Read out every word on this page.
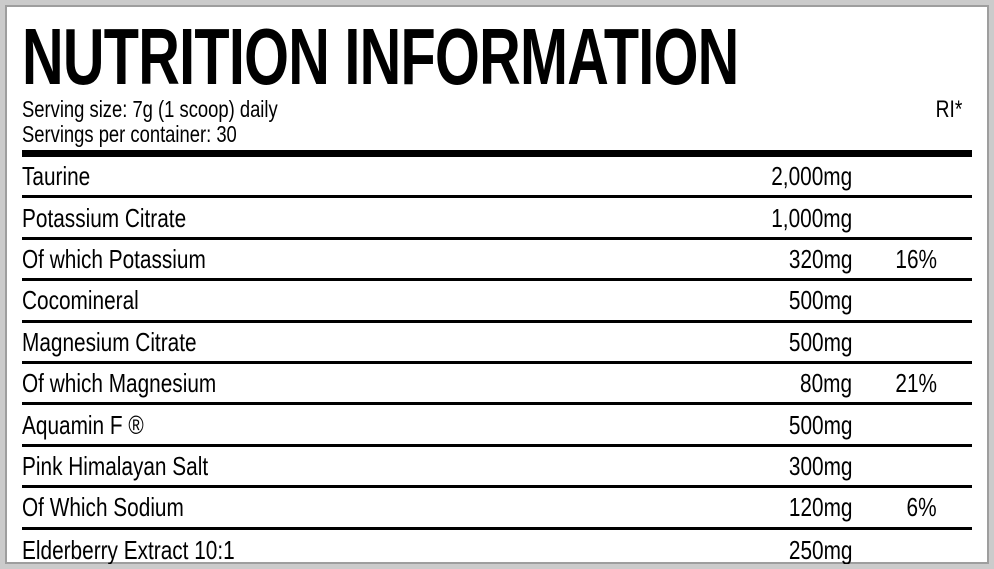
NUTRITION INFORMATION
Serving size: 7g (1 scoop) daily
Servings per container: 30
RI*
Taurine	2,000mg
Potassium Citrate	1,000mg
Of which Potassium	320mg	16%
Cocomineral	500mg
Magnesium Citrate	500mg
Of which Magnesium	80mg	21%
Aquamin F ®	500mg
Pink Himalayan Salt	300mg
Of Which Sodium	120mg	6%
Elderberry Extract 10:1	250mg
